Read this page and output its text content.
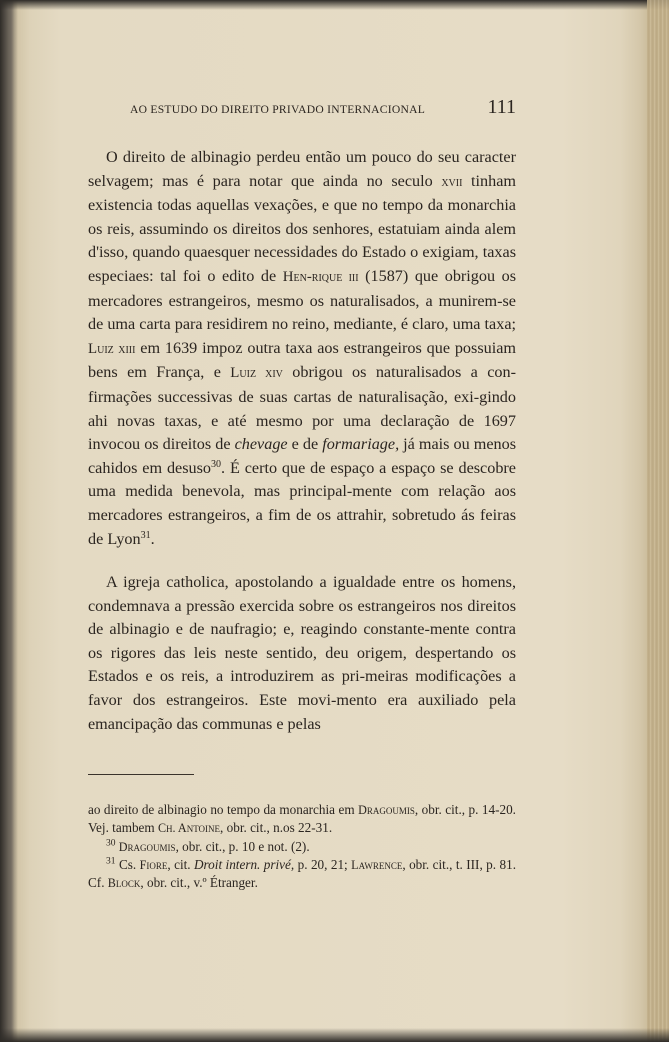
AO ESTUDO DO DIREITO PRIVADO INTERNACIONAL	111

O direito de albinagio perdeu então um pouco do seu caracter selvagem; mas é para notar que ainda no seculo xvii tinham existencia todas aquellas vexações, e que no tempo da monarchia os reis, assumindo os direitos dos senhores, estatuiam ainda alem d'isso, quando quaesquer necessidades do Estado o exigiam, taxas especiaes: tal foi o edito de Hen-rique iii (1587) que obrigou os mercadores estrangeiros, mesmo os naturalisados, a munirem-se de uma carta para residirem no reino, mediante, é claro, uma taxa; Luiz xiii em 1639 impoz outra taxa aos estrangeiros que possuiam bens em França, e Luiz xiv obrigou os naturalisados a con-firmações successivas de suas cartas de naturalisação, exi-gindo ahi novas taxas, e até mesmo por uma declaração de 1697 invocou os direitos de chevage e de formariage, já mais ou menos cahidos em desuso$^{30}$. É certo que de espaço a espaço se descobre uma medida benevola, mas principal-mente com relação aos mercadores estrangeiros, a fim de os attrahir, sobretudo ás feiras de Lyon$^{31}$.

A igreja catholica, apostolando a igualdade entre os homens, condemnava a pressão exercida sobre os estrangeiros nos direitos de albinagio e de naufragio; e, reagindo constante-mente contra os rigores das leis neste sentido, deu origem, despertando os Estados e os reis, a introduzirem as pri-meiras modificações a favor dos estrangeiros. Este movi-mento era auxiliado pela emancipação das communas e pelas

ao direito de albinagio no tempo da monarchia em Dragoumis, obr. cit., p. 14-20. Vej. tambem Ch. Antoine, obr. cit., n.os 22-31.

$^{30}$ Dragoumis, obr. cit., p. 10 e not. (2).

$^{31}$ Cs. Fiore, cit. Droit intern. privé, p. 20, 21; Lawrence, obr. cit., t. III, p. 81. Cf. Block, obr. cit., v.º Étranger.
